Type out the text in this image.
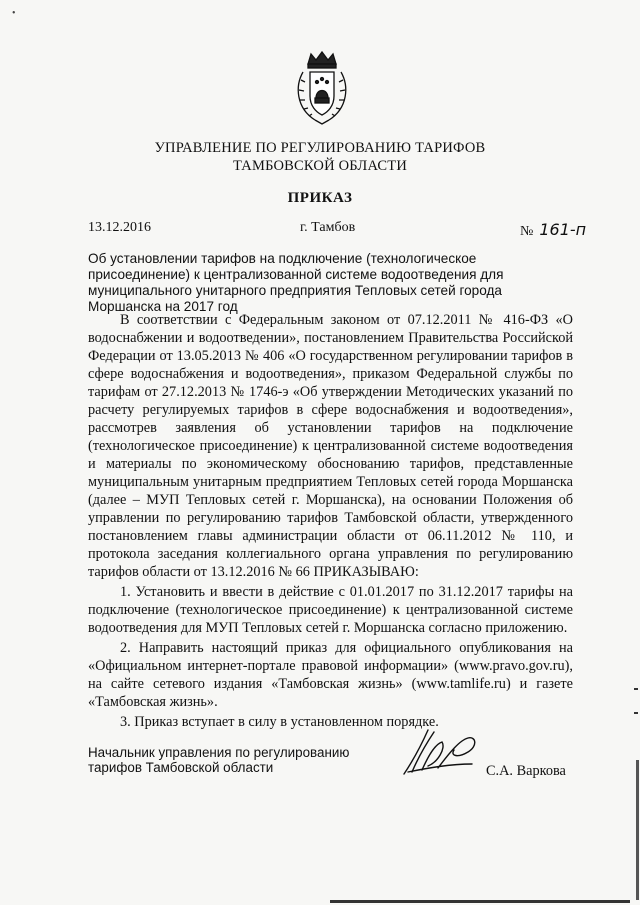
•
УПРАВЛЕНИЕ ПО РЕГУЛИРОВАНИЮ ТАРИФОВ
ТАМБОВСКОЙ ОБЛАСТИ
ПРИКАЗ
13.12.2016	г. Тамбов	№ 161-п
Об установлении тарифов на подключение (технологическое присоединение) к централизованной системе водоотведения для муниципального унитарного предприятия Тепловых сетей города Моршанска на 2017 год

В соответствии с Федеральным законом от 07.12.2011 № 416-ФЗ «О водоснабжении и водоотведении», постановлением Правительства Российской Федерации от 13.05.2013 № 406 «О государственном регулировании тарифов в сфере водоснабжения и водоотведения», приказом Федеральной службы по тарифам от 27.12.2013 № 1746-э «Об утверждении Методических указаний по расчету регулируемых тарифов в сфере водоснабжения и водоотведения», рассмотрев заявления об установлении тарифов на подключение (технологическое присоединение) к централизованной системе водоотведения и материалы по экономическому обоснованию тарифов, представленные муниципальным унитарным предприятием Тепловых сетей города Моршанска (далее – МУП Тепловых сетей г. Моршанска), на основании Положения об управлении по регулированию тарифов Тамбовской области, утвержденного постановлением главы администрации области от 06.11.2012 № 110, и протокола заседания коллегиального органа управления по регулированию тарифов области от 13.12.2016 № 66 ПРИКАЗЫВАЮ:

1. Установить и ввести в действие с 01.01.2017 по 31.12.2017 тарифы на подключение (технологическое присоединение) к централизованной системе водоотведения для МУП Тепловых сетей г. Моршанска согласно приложению.

2. Направить настоящий приказ для официального опубликования на «Официальном интернет-портале правовой информации» (www.pravo.gov.ru), на сайте сетевого издания «Тамбовская жизнь» (www.tamlife.ru) и газете «Тамбовская жизнь».

3. Приказ вступает в силу в установленном порядке.

Начальник управления по регулированию
тарифов Тамбовской области	С.А. Варкова
